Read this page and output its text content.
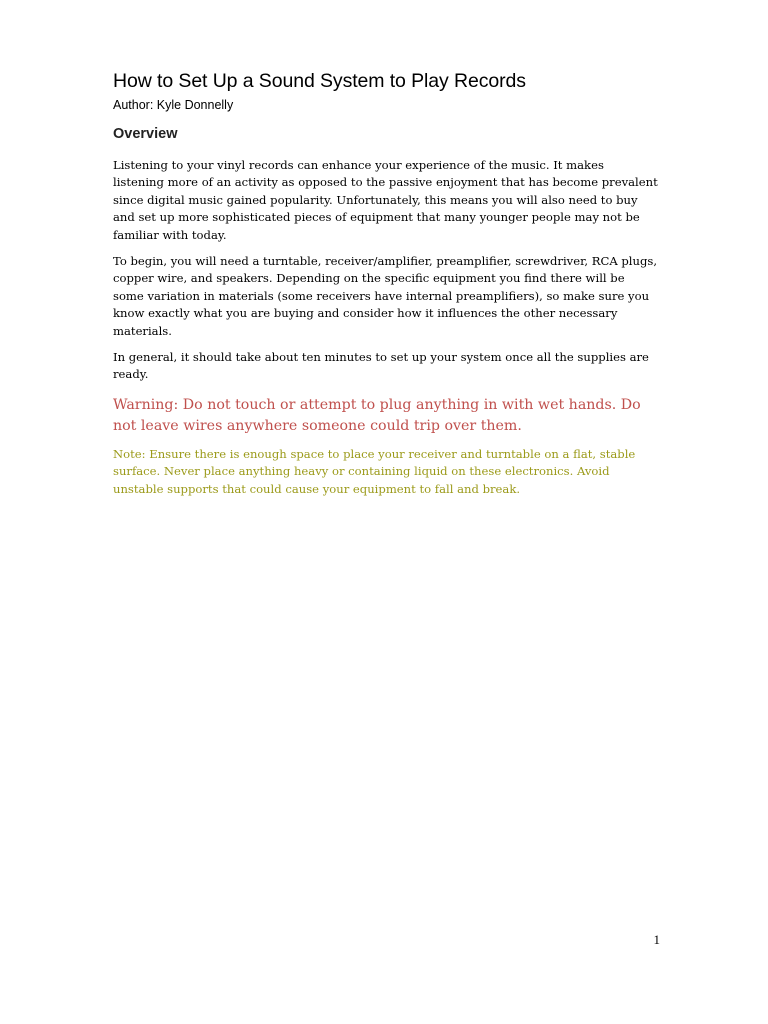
How to Set Up a Sound System to Play Records
Author: Kyle Donnelly
Overview

Listening to your vinyl records can enhance your experience of the music. It makes listening more of an activity as opposed to the passive enjoyment that has become prevalent since digital music gained popularity. Unfortunately, this means you will also need to buy and set up more sophisticated pieces of equipment that many younger people may not be familiar with today.

To begin, you will need a turntable, receiver/amplifier, preamplifier, screwdriver, RCA plugs, copper wire, and speakers. Depending on the specific equipment you find there will be some variation in materials (some receivers have internal preamplifiers), so make sure you know exactly what you are buying and consider how it influences the other necessary materials.

In general, it should take about ten minutes to set up your system once all the supplies are ready.

Warning: Do not touch or attempt to plug anything in with wet hands. Do not leave wires anywhere someone could trip over them.

Note: Ensure there is enough space to place your receiver and turntable on a flat, stable surface. Never place anything heavy or containing liquid on these electronics. Avoid unstable supports that could cause your equipment to fall and break.

1
